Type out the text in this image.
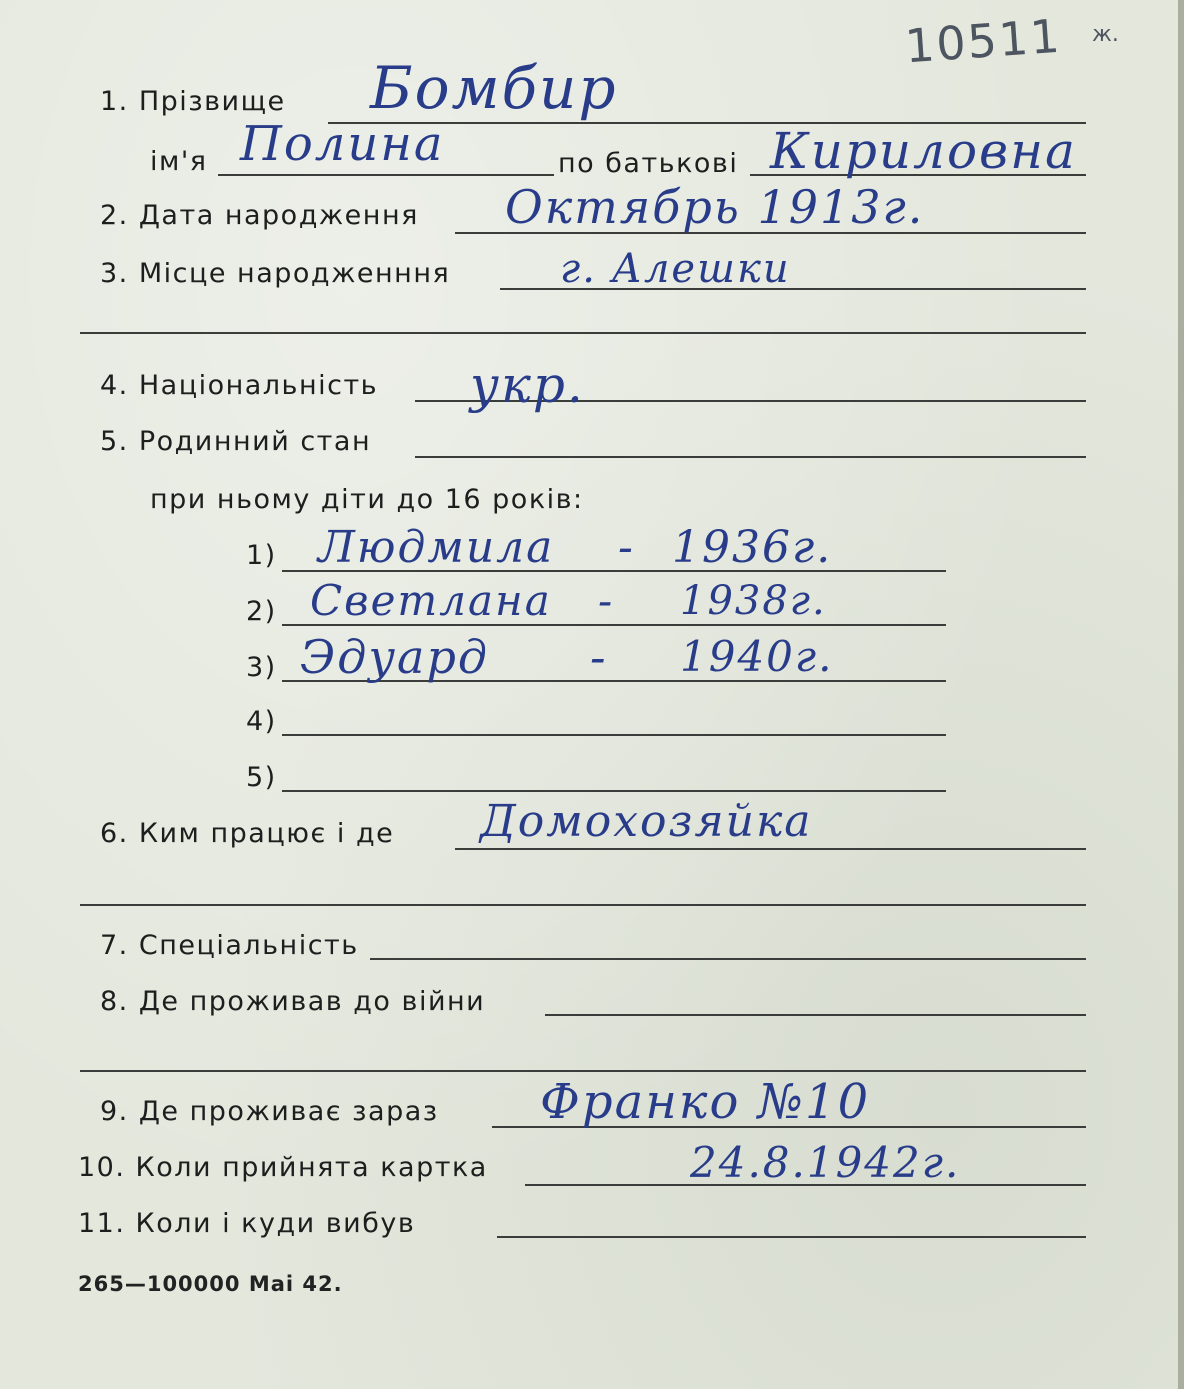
10511 ж.
1. Прізвище Бомбир
ім'я Полина	по батькові Кириловна
2. Дата народження Октябрь 1913г.
3. Місце народженння	г. Алешки
4. Національність укр.
5. Родинний стан
при ньому діти до 16 років:
1) Людмила - 1936г.
2) Светлана - 1938г.
3) Эдуард - 1940г.
4)
5)
6. Ким працює і де Домохозяйка
7. Спеціальність
8. Де проживав до війни
9. Де проживає зараз Франко №10
10. Коли прийнята картка	24.8.1942г.
11. Коли і куди вибув
265—100000 Mai 42.
